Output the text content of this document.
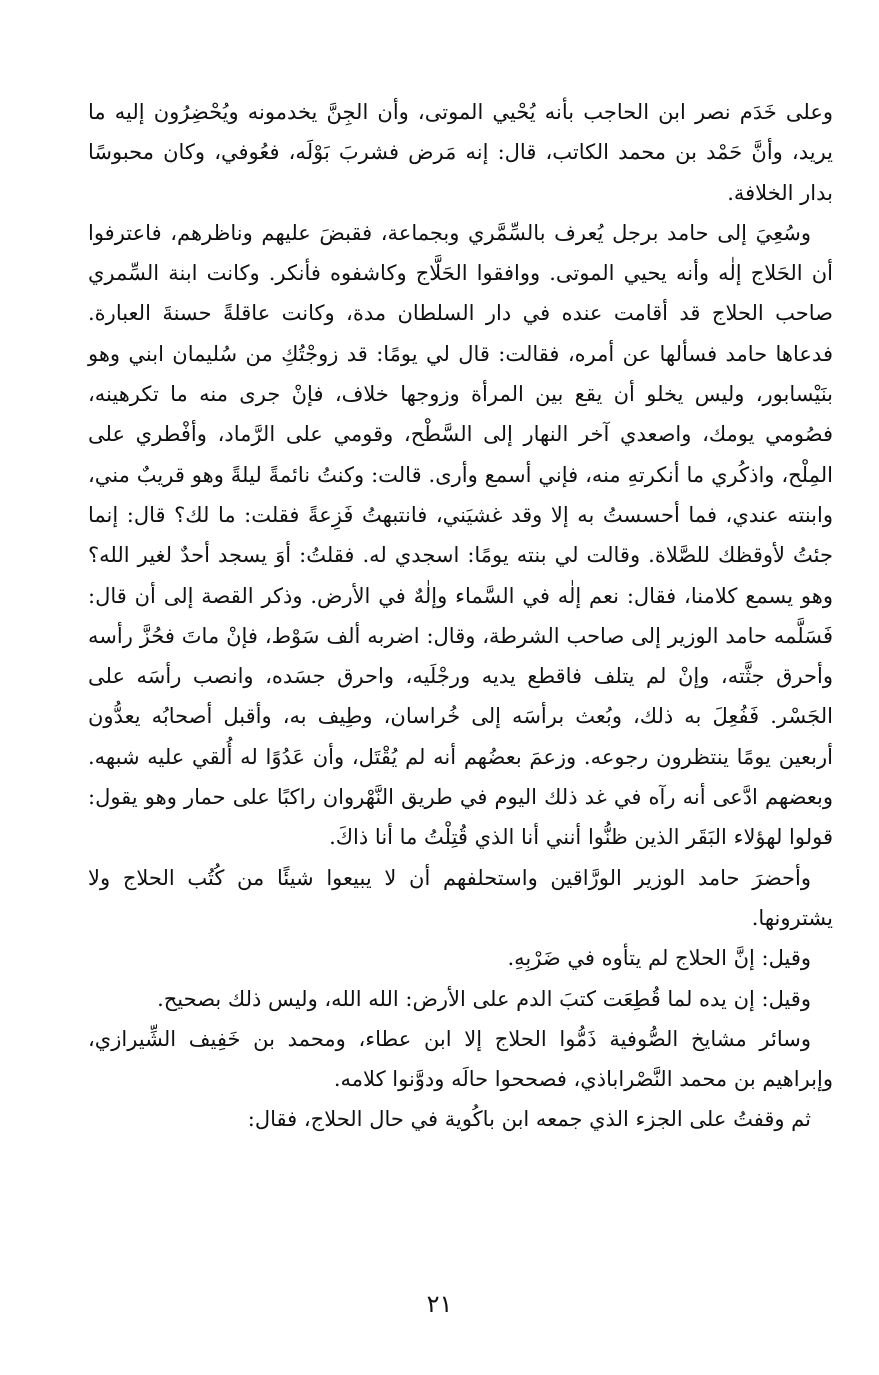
وعلى خَدَم نصر ابن الحاجب بأنه يُحْيي الموتى، وأن الجِنَّ يخدمونه ويُحْضِرُون إليه ما يريد، وأنَّ حَمْد بن محمد الكاتب، قال: إنه مَرض فشربَ بَوْلَه، فعُوفي، وكان محبوسًا بدار الخلافة.

وسُعِيَ إلى حامد برجل يُعرف بالسِّمَّري وبجماعة، فقبضَ عليهم وناظرهم، فاعترفوا أن الحَلاج إلٰه وأنه يحيي الموتى. ووافقوا الحَلَّاج وكاشفوه فأنكر. وكانت ابنة السِّمري صاحب الحلاج قد أقامت عنده في دار السلطان مدة، وكانت عاقلةً حسنةَ العبارة. فدعاها حامد فسألها عن أمره، فقالت: قال لي يومًا: قد زوجْتُكِ من سُليمان ابني وهو بنَيْسابور، وليس يخلو أن يقع بين المرأة وزوجها خلاف، فإنْ جرى منه ما تكرهينه، فصُومي يومك، واصعدي آخر النهار إلى السَّطْح، وقومي على الرَّماد، وأفْطري على المِلْح، واذكُري ما أنكرتهِ منه، فإني أسمع وأرى. قالت: وكنتُ نائمةً ليلةً وهو قريبٌ مني، وابنته عندي، فما أحسستُ به إلا وقد غشيَني، فانتبهتُ فَزِعةً فقلت: ما لك؟ قال: إنما جئتُ لأوقظك للصَّلاة. وقالت لي بنته يومًا: اسجدي له. فقلتُ: أوَ يسجد أحدٌ لغير الله؟ وهو يسمع كلامنا، فقال: نعم إلٰه في السَّماء وإلٰهٌ في الأرض. وذكر القصة إلى أن قال: فَسَلَّمه حامد الوزير إلى صاحب الشرطة، وقال: اضربه ألف سَوْط، فإنْ ماتَ فحُزَّ رأسه وأحرق جثَّته، وإنْ لم يتلف فاقطع يديه ورجْلَيه، واحرق جسَده، وانصب رأسَه على الجَسْر. فَفُعِلَ به ذلك، وبُعث برأسَه إلى خُراسان، وطِيف به، وأقبل أصحابُه يعدُّون أربعين يومًا ينتظرون رجوعه. وزعمَ بعضُهم أنه لم يُقْتَل، وأن عَدُوًا له أُلقي عليه شبهه. وبعضهم ادَّعى أنه رآه في غد ذلك اليوم في طريق النَّهْروان راكبًا على حمار وهو يقول: قولوا لهؤلاء البَقَر الذين ظنُّوا أنني أنا الذي قُتِلْتُ ما أنا ذاكَ.

وأحضرَ حامد الوزير الورَّاقين واستحلفهم أن لا يبيعوا شيئًا من كُتُب الحلاج ولا يشترونها.

وقيل: إنَّ الحلاج لم يتأوه في ضَرْبِهِ.

وقيل: إن يده لما قُطِعَت كتبَ الدم على الأرض: الله الله، وليس ذلك بصحيح.

وسائر مشايخ الصُّوفية ذَمُّوا الحلاج إلا ابن عطاء، ومحمد بن خَفِيف الشِّيرازي، وإبراهيم بن محمد النَّصْراباذي، فصححوا حالَه ودوَّنوا كلامه.

ثم وقفتُ على الجزء الذي جمعه ابن باكُوية في حال الحلاج، فقال:

٢١
